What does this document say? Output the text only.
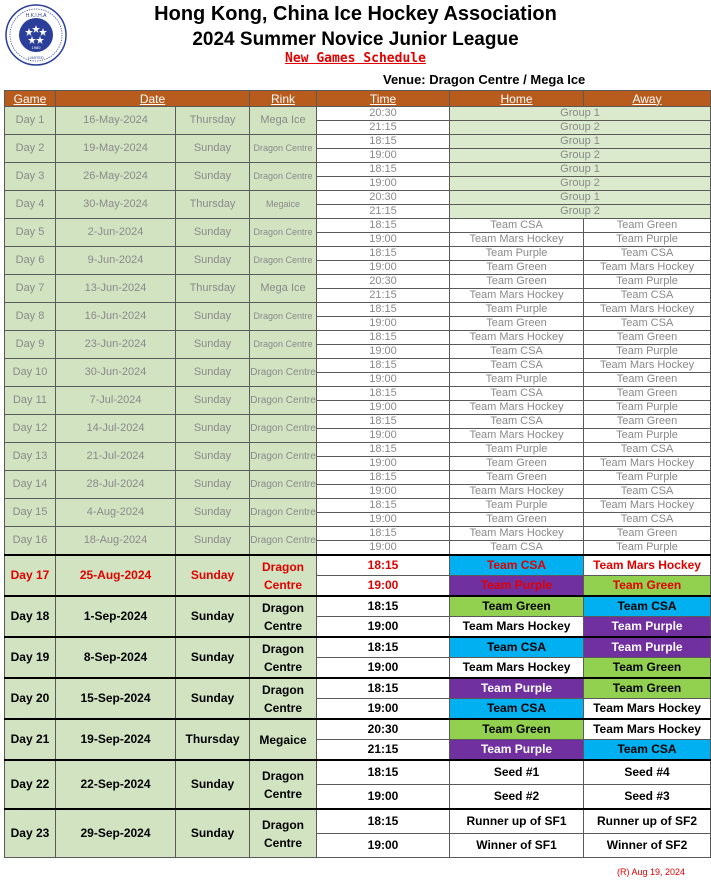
H.K.I.H.A
1980
LIMITED
Hong Kong, China Ice Hockey Association
2024 Summer Novice Junior League
New Games Schedule
Venue: Dragon Centre / Mega Ice
Game	Date		Rink	Time	Home	Away	
Day 1	16-May-2024	Thursday	Mega Ice	20:30	Group 1	
				21:15	Group 2		
Day 2	19-May-2024	Sunday	Dragon Centre	18:15	Group 1	
				19:00	Group 2		
Day 3	26-May-2024	Sunday	Dragon Centre	18:15	Group 1	
				19:00	Group 2		
Day 4	30-May-2024	Thursday	Megaice	20:30	Group 1	
				21:15	Group 2		
Day 5	2-Jun-2024	Sunday	Dragon Centre	18:15	Team CSA	Team Green	
				19:00	Team Mars Hockey	Team Purple	
Day 6	9-Jun-2024	Sunday	Dragon Centre	18:15	Team Purple	Team CSA	
				19:00	Team Green	Team Mars Hockey	
Day 7	13-Jun-2024	Thursday	Mega Ice	20:30	Team Green	Team Purple	
				21:15	Team Mars Hockey	Team CSA	
Day 8	16-Jun-2024	Sunday	Dragon Centre	18:15	Team Purple	Team Mars Hockey	
				19:00	Team Green	Team CSA	
Day 9	23-Jun-2024	Sunday	Dragon Centre	18:15	Team Mars Hockey	Team Green	
				19:00	Team CSA	Team Purple	
Day 10	30-Jun-2024	Sunday	Dragon Centre	18:15	Team CSA	Team Mars Hockey	
				19:00	Team Purple	Team Green	
Day 11	7-Jul-2024	Sunday	Dragon Centre	18:15	Team CSA	Team Green	
				19:00	Team Mars Hockey	Team Purple	
Day 12	14-Jul-2024	Sunday	Dragon Centre	18:15	Team CSA	Team Green	
				19:00	Team Mars Hockey	Team Purple	
Day 13	21-Jul-2024	Sunday	Dragon Centre	18:15	Team Purple	Team CSA	
				19:00	Team Green	Team Mars Hockey	
Day 14	28-Jul-2024	Sunday	Dragon Centre	18:15	Team Green	Team Purple	
				19:00	Team Mars Hockey	Team CSA	
Day 15	4-Aug-2024	Sunday	Dragon Centre	18:15	Team Purple	Team Mars Hockey	
				19:00	Team Green	Team CSA	
Day 16	18-Aug-2024	Sunday	Dragon Centre	18:15	Team Mars Hockey	Team Green	
				19:00	Team CSA	Team Purple	
Day 17	25-Aug-2024	Sunday	Dragon Centre	18:15	Team CSA	Team Mars Hockey	
				19:00	Team Purple	Team Green	
Day 18	1-Sep-2024	Sunday	Dragon Centre	18:15	Team Green	Team CSA	
				19:00	Team Mars Hockey	Team Purple	
Day 19	8-Sep-2024	Sunday	Dragon Centre	18:15	Team CSA	Team Purple	
				19:00	Team Mars Hockey	Team Green	
Day 20	15-Sep-2024	Sunday	Dragon Centre	18:15	Team Purple	Team Green	
				19:00	Team CSA	Team Mars Hockey	
Day 21	19-Sep-2024	Thursday	Megaice	20:30	Team Green	Team Mars Hockey	
				21:15	Team Purple	Team CSA	
Day 22	22-Sep-2024	Sunday	Dragon Centre	18:15	Seed #1	Seed #4	
				19:00	Seed #2	Seed #3	
Day 23	29-Sep-2024	Sunday	Dragon Centre	18:15	Runner up of SF1	Runner up of SF2	
				19:00	Winner of SF1	Winner of SF2	
(R) Aug 19, 2024
